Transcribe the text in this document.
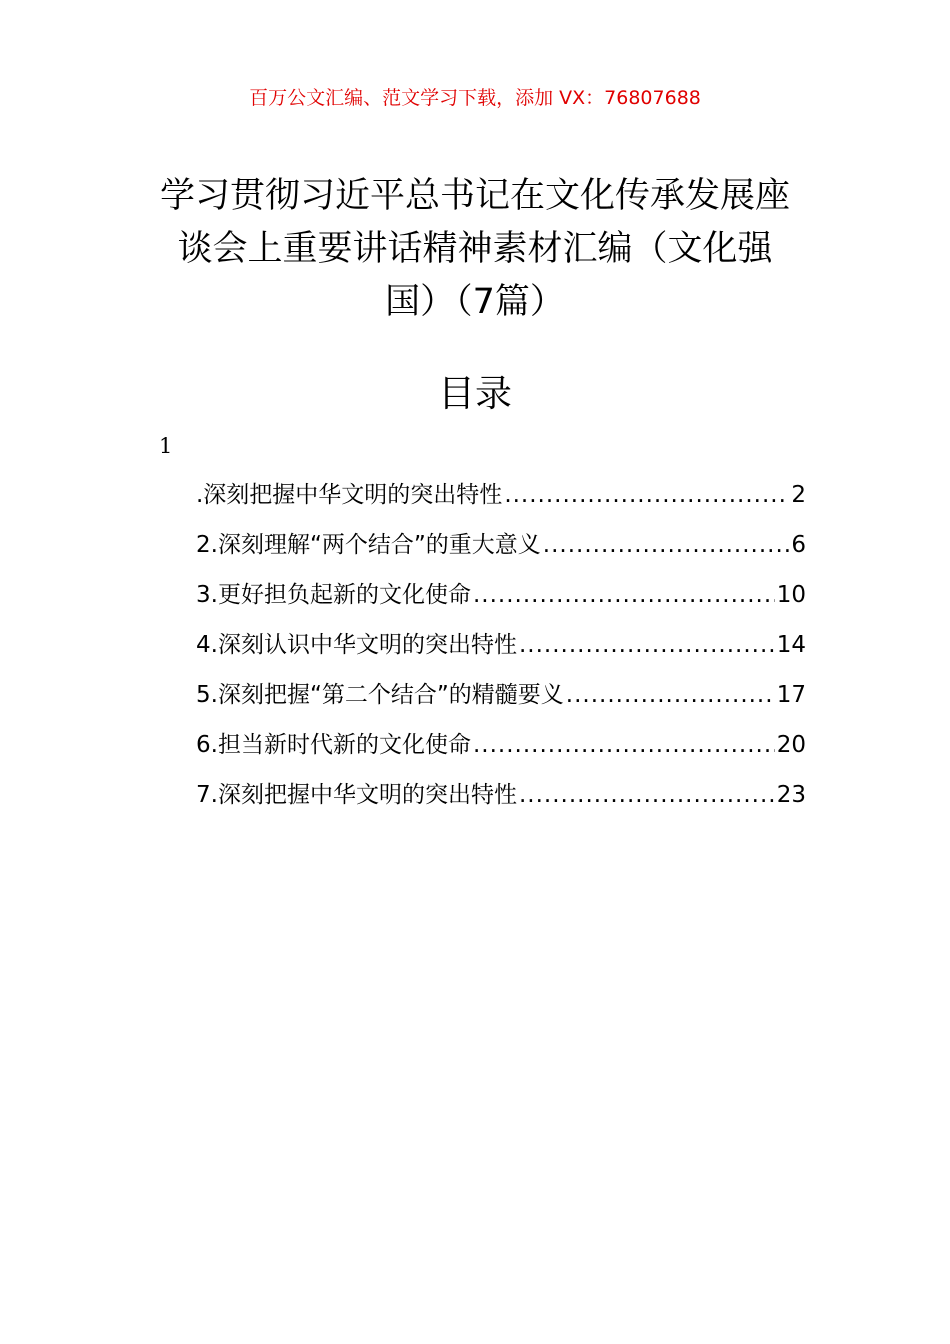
百万公文汇编、范文学习下载，添加 VX：76807688
学习贯彻习近平总书记在文化传承发展座
谈会上重要讲话精神素材汇编（文化强
国）（7篇）
目录
1
.深刻把握中华文明的突出特性 .....	2
2.深刻理解“两个结合”的重大意义 .....	6
3.更好担负起新的文化使命 .....	10
4.深刻认识中华文明的突出特性 .....	14
5.深刻把握“第二个结合”的精髓要义 .....	17
6.担当新时代新的文化使命 .....	20
7.深刻把握中华文明的突出特性 .....	23
